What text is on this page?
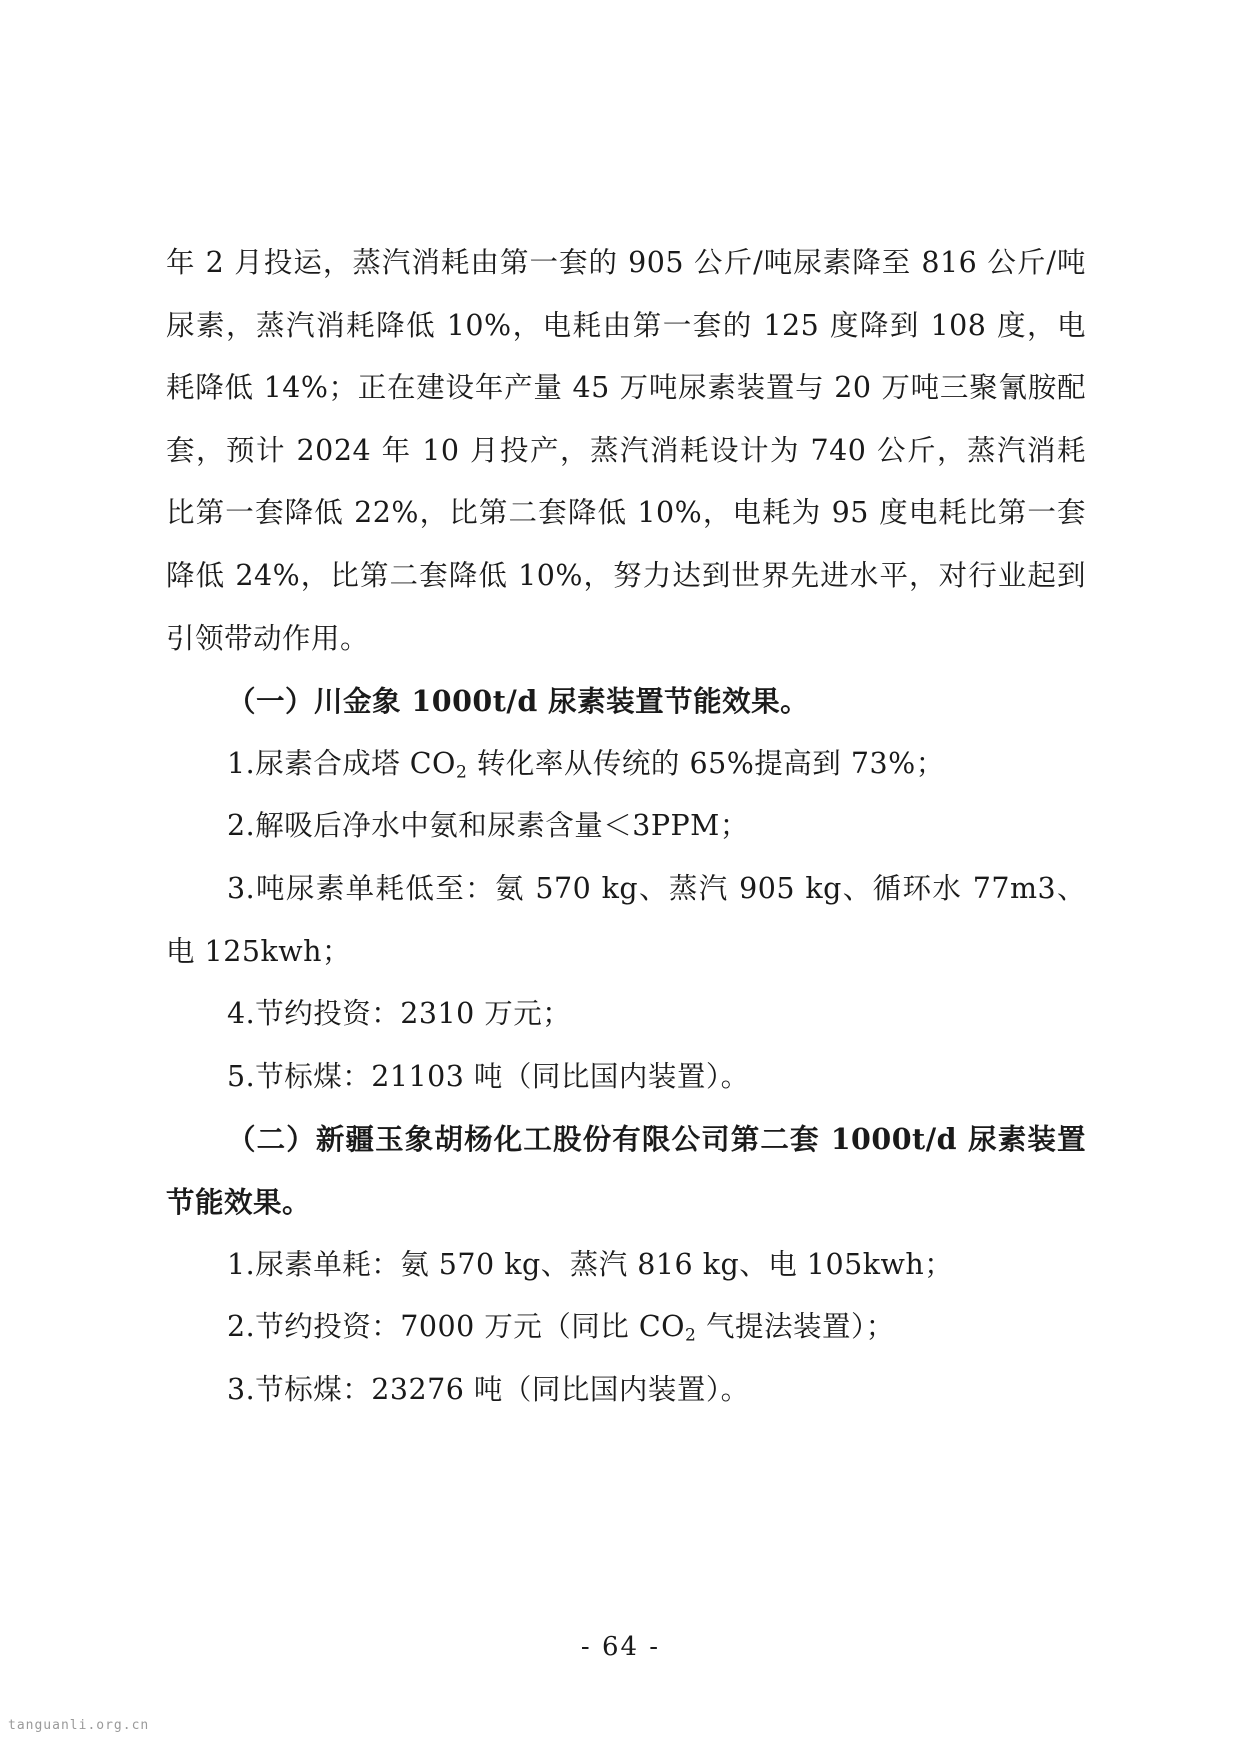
年 2 月投运，蒸汽消耗由第一套的 905 公斤/吨尿素降至 816 公斤/吨尿素，蒸汽消耗降低 10%，电耗由第一套的 125 度降到 108 度，电耗降低 14%；正在建设年产量 45 万吨尿素装置与 20 万吨三聚氰胺配套，预计 2024 年 10 月投产，蒸汽消耗设计为 740 公斤，蒸汽消耗比第一套降低 22%，比第二套降低 10%，电耗为 95 度电耗比第一套降低 24%，比第二套降低 10%，努力达到世界先进水平，对行业起到引领带动作用。

（一）川金象 1000t/d 尿素装置节能效果。

1.尿素合成塔 $CO_2$ 转化率从传统的 65%提高到 73%；

2.解吸后净水中氨和尿素含量＜3PPM；

3.吨尿素单耗低至：氨 570 kg、蒸汽 905 kg、循环水 77m3、电 125kwh；

4.节约投资：2310 万元；

5.节标煤：21103 吨（同比国内装置）。

（二）新疆玉象胡杨化工股份有限公司第二套 1000t/d 尿素装置节能效果。

1.尿素单耗：氨 570 kg、蒸汽 816 kg、电 105kwh；

2.节约投资：7000 万元（同比 $CO_2$ 气提法装置）；

3.节标煤：23276 吨（同比国内装置）。

- 64 -
tanguanli.org.cn
